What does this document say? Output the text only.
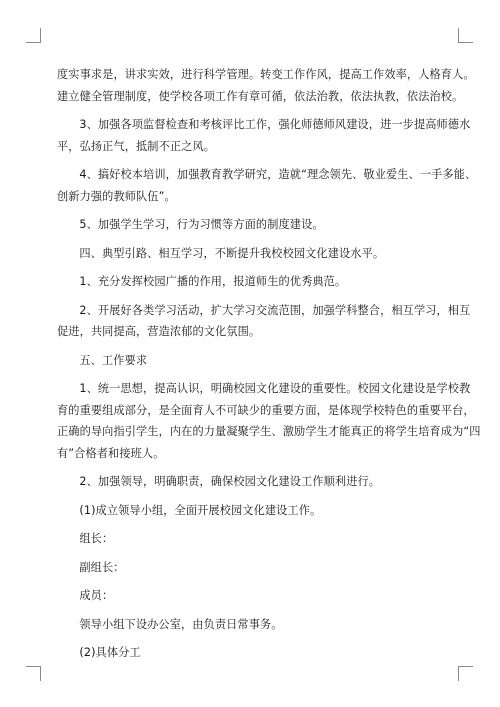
度实事求是，讲求实效，进行科学管理。转变工作作风，提高工作效率，人格育人。
建立健全管理制度，使学校各项工作有章可循，依法治教，依法执教，依法治校。
3、加强各项监督检查和考核评比工作，强化师德师风建设，进一步提高师德水
平，弘扬正气，抵制不正之风。
4、搞好校本培训，加强教育教学研究，造就“理念领先、敬业爱生、一手多能、
创新力强的教师队伍”。
5、加强学生学习，行为习惯等方面的制度建设。
四、典型引路、相互学习，不断提升我校校园文化建设水平。
1、充分发挥校园广播的作用，报道师生的优秀典范。
2、开展好各类学习活动，扩大学习交流范围，加强学科整合，相互学习，相互
促进，共同提高，营造浓郁的文化氛围。
五、工作要求
1、统一思想，提高认识，明确校园文化建设的重要性。校园文化建设是学校教
育的重要组成部分，是全面育人不可缺少的重要方面，是体现学校特色的重要平台，
正确的导向指引学生，内在的力量凝聚学生、激励学生才能真正的将学生培育成为“四
有”合格者和接班人。
2、加强领导，明确职责，确保校园文化建设工作顺利进行。
(1)成立领导小组，全面开展校园文化建设工作。
组长：
副组长：
成员：
领导小组下设办公室，由负责日常事务。
(2)具体分工
